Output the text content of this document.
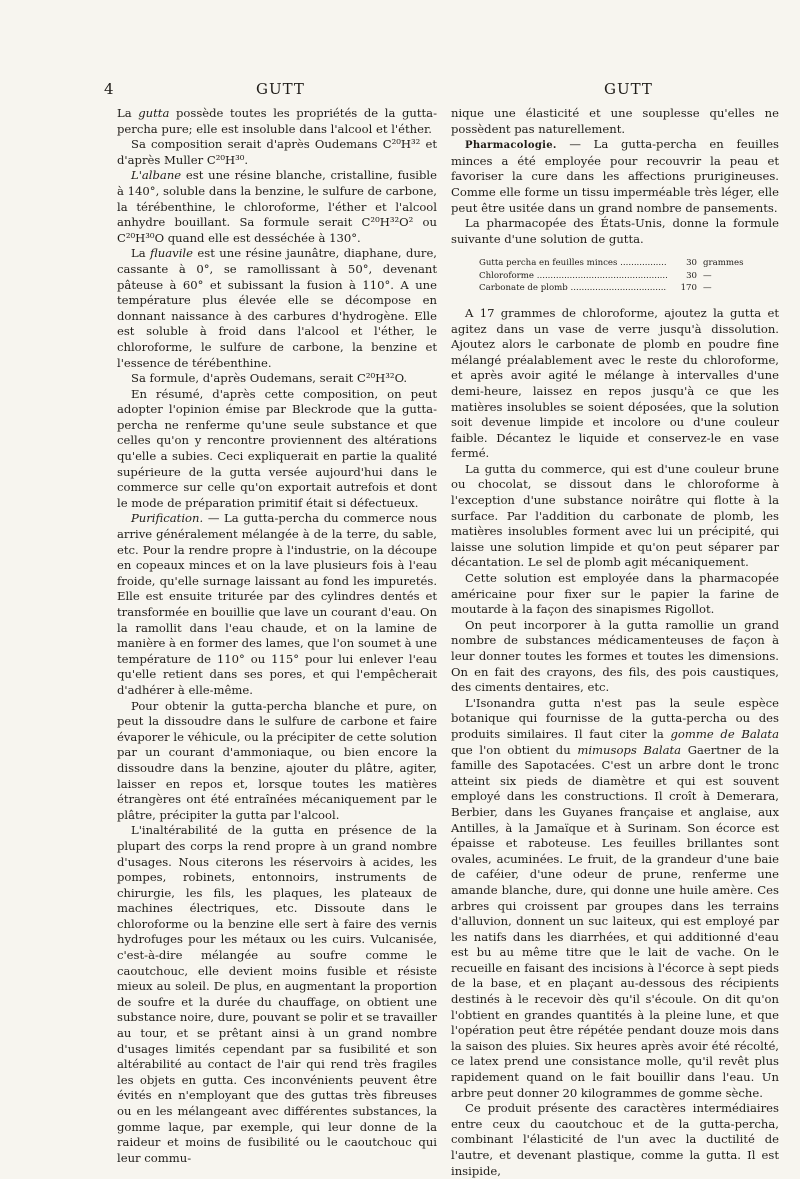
4	GUTT	GUTT

La gutta possède toutes les propriétés de la gutta-percha pure; elle est insoluble dans l'alcool et l'éther.

Sa composition serait d'après Oudemans C²⁰H³² et d'après Muller C²⁰H³⁰.

L'albane est une résine blanche, cristalline, fusible à 140°, soluble dans la benzine, le sulfure de carbone, la térébenthine, le chloroforme, l'éther et l'alcool anhydre bouillant. Sa formule serait C²⁰H³²O² ou C²⁰H³⁰O quand elle est desséchée à 130°.

La fluavile est une résine jaunâtre, diaphane, dure, cassante à 0°, se ramollissant à 50°, devenant pâteuse à 60° et subissant la fusion à 110°. A une température plus élevée elle se décompose en donnant naissance à des carbures d'hydrogène. Elle est soluble à froid dans l'alcool et l'éther, le chloroforme, le sulfure de carbone, la benzine et l'essence de térébenthine.

Sa formule, d'après Oudemans, serait C²⁰H³²O.

En résumé, d'après cette composition, on peut adopter l'opinion émise par Bleckrode que la gutta-percha ne renferme qu'une seule substance et que celles qu'on y rencontre proviennent des altérations qu'elle a subies. Ceci expliquerait en partie la qualité supérieure de la gutta versée aujourd'hui dans le commerce sur celle qu'on exportait autrefois et dont le mode de préparation primitif était si défectueux.

Purification. — La gutta-percha du commerce nous arrive généralement mélangée à de la terre, du sable, etc. Pour la rendre propre à l'industrie, on la découpe en copeaux minces et on la lave plusieurs fois à l'eau froide, qu'elle surnage laissant au fond les impuretés. Elle est ensuite triturée par des cylindres dentés et transformée en bouillie que lave un courant d'eau. On la ramollit dans l'eau chaude, et on la lamine de manière à en former des lames, que l'on soumet à une température de 110° ou 115° pour lui enlever l'eau qu'elle retient dans ses pores, et qui l'empêcherait d'adhérer à elle-même.

Pour obtenir la gutta-percha blanche et pure, on peut la dissoudre dans le sulfure de carbone et faire évaporer le véhicule, ou la précipiter de cette solution par un courant d'ammoniaque, ou bien encore la dissoudre dans la benzine, ajouter du plâtre, agiter, laisser en repos et, lorsque toutes les matières étrangères ont été entraînées mécaniquement par le plâtre, précipiter la gutta par l'alcool.

L'inaltérabilité de la gutta en présence de la plupart des corps la rend propre à un grand nombre d'usages. Nous citerons les réservoirs à acides, les pompes, robinets, entonnoirs, instruments de chirurgie, les fils, les plaques, les plateaux de machines électriques, etc. Dissoute dans le chloroforme ou la benzine elle sert à faire des vernis hydrofuges pour les métaux ou les cuirs. Vulcanisée, c'est-à-dire mélangée au soufre comme le caoutchouc, elle devient moins fusible et résiste mieux au soleil. De plus, en augmentant la proportion de soufre et la durée du chauffage, on obtient une substance noire, dure, pouvant se polir et se travailler au tour, et se prêtant ainsi à un grand nombre d'usages limités cependant par sa fusibilité et son altérabilité au contact de l'air qui rend très fragiles les objets en gutta. Ces inconvénients peuvent être évités en n'employant que des guttas très fibreuses ou en les mélangeant avec différentes substances, la gomme laque, par exemple, qui leur donne de la raideur et moins de fusibilité ou le caoutchouc qui leur commu-

nique une élasticité et une souplesse qu'elles ne possèdent pas naturellement.

Pharmacologie. — La gutta-percha en feuilles minces a été employée pour recouvrir la peau et favoriser la cure dans les affections prurigineuses. Comme elle forme un tissu imperméable très léger, elle peut être usitée dans un grand nombre de pansements.

La pharmacopée des États-Unis, donne la formule suivante d'une solution de gutta.

Gutta percha en feuilles minces .....	30 grammes
Chloroforme .....	30 —
Carbonate de plomb .....	170 —

A 17 grammes de chloroforme, ajoutez la gutta et agitez dans un vase de verre jusqu'à dissolution. Ajoutez alors le carbonate de plomb en poudre fine mélangé préalablement avec le reste du chloroforme, et après avoir agité le mélange à intervalles d'une demi-heure, laissez en repos jusqu'à ce que les matières insolubles se soient déposées, que la solution soit devenue limpide et incolore ou d'une couleur faible. Décantez le liquide et conservez-le en vase fermé.

La gutta du commerce, qui est d'une couleur brune ou chocolat, se dissout dans le chloroforme à l'exception d'une substance noirâtre qui flotte à la surface. Par l'addition du carbonate de plomb, les matières insolubles forment avec lui un précipité, qui laisse une solution limpide et qu'on peut séparer par décantation. Le sel de plomb agit mécaniquement.

Cette solution est employée dans la pharmacopée américaine pour fixer sur le papier la farine de moutarde à la façon des sinapismes Rigollot.

On peut incorporer à la gutta ramollie un grand nombre de substances médicamenteuses de façon à leur donner toutes les formes et toutes les dimensions. On en fait des crayons, des fils, des pois caustiques, des ciments dentaires, etc.

L'Isonandra gutta n'est pas la seule espèce botanique qui fournisse de la gutta-percha ou des produits similaires. Il faut citer la gomme de Balata que l'on obtient du mimusops Balata Gaertner de la famille des Sapotacées. C'est un arbre dont le tronc atteint six pieds de diamètre et qui est souvent employé dans les constructions. Il croît à Demerara, Berbier, dans les Guyanes française et anglaise, aux Antilles, à la Jamaïque et à Surinam. Son écorce est épaisse et raboteuse. Les feuilles brillantes sont ovales, acuminées. Le fruit, de la grandeur d'une baie de caféier, d'une odeur de prune, renferme une amande blanche, dure, qui donne une huile amère. Ces arbres qui croissent par groupes dans les terrains d'alluvion, donnent un suc laiteux, qui est employé par les natifs dans les diarrhées, et qui additionné d'eau est bu au même titre que le lait de vache. On le recueille en faisant des incisions à l'écorce à sept pieds de la base, et en plaçant au-dessous des récipients destinés à le recevoir dès qu'il s'écoule. On dit qu'on l'obtient en grandes quantités à la pleine lune, et que l'opération peut être répétée pendant douze mois dans la saison des pluies. Six heures après avoir été récolté, ce latex prend une consistance molle, qu'il revêt plus rapidement quand on le fait bouillir dans l'eau. Un arbre peut donner 20 kilogrammes de gomme sèche.

Ce produit présente des caractères intermédiaires entre ceux du caoutchouc et de la gutta-percha, combinant l'élasticité de l'un avec la ductilité de l'autre, et devenant plastique, comme la gutta. Il est insipide,
